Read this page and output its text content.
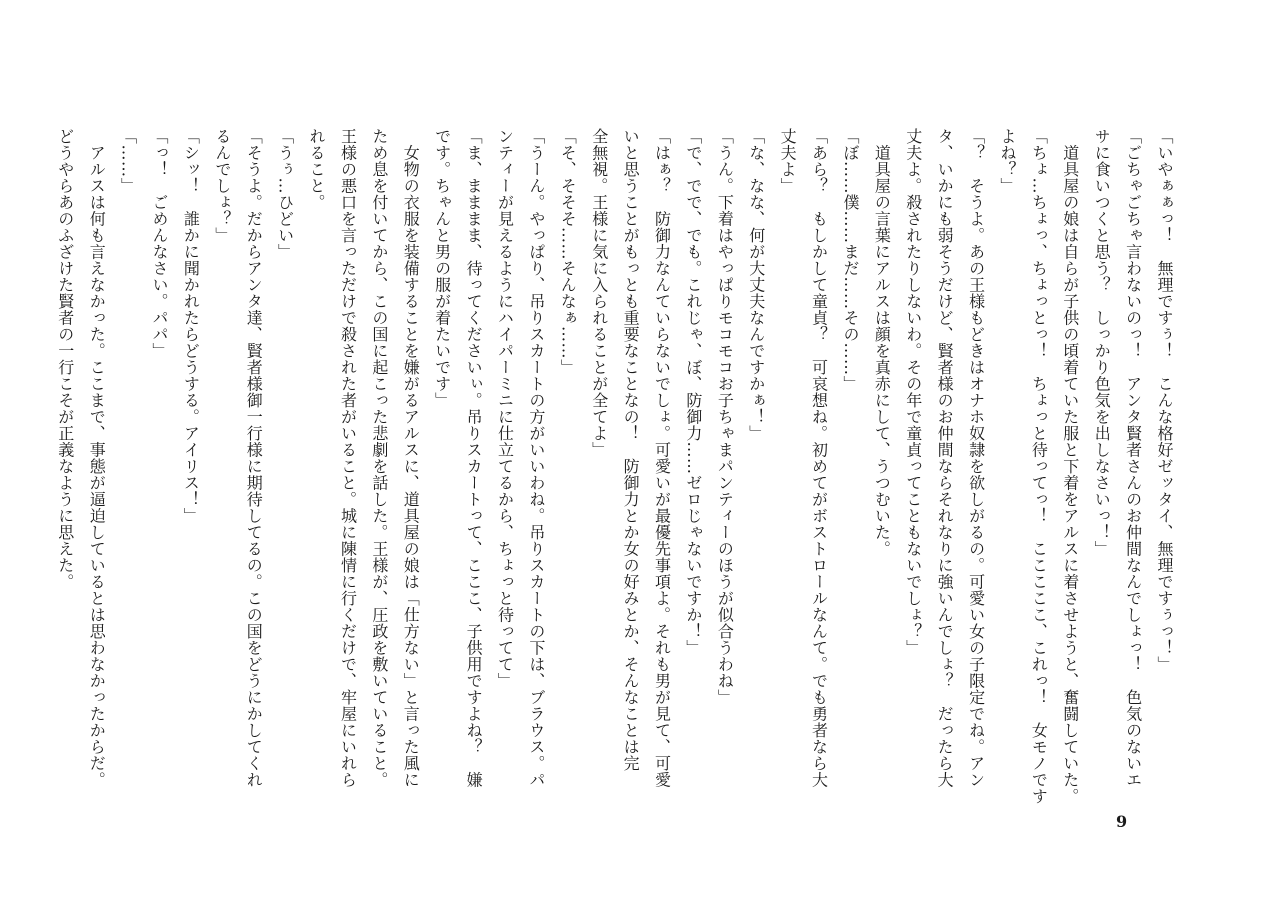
「いやぁぁっ！　無理ですぅ！　こんな格好ゼッタイ、無理ですぅっ！」
「ごちゃごちゃ言わないのっ！　アンタ賢者さんのお仲間なんでしょっ！　色気のないエ
サに食いつくと思う？　しっかり色気を出しなさいっ！」
　道具屋の娘は自らが子供の頃着ていた服と下着をアルスに着させようと、奮闘していた。
「ちょ…ちょっ、ちょっとっ！　ちょっと待ってっ！　こここここ、これっ！　女モノです
よね？」
「？　そうよ。あの王様もどきはオナホ奴隷を欲しがるの。可愛い女の子限定でね。アン
タ、いかにも弱そうだけど、賢者様のお仲間ならそれなりに強いんでしょ？　だったら大
丈夫よ。殺されたりしないわ。その年で童貞ってこともないでしょ？」
　道具屋の言葉にアルスは顔を真赤にして、うつむいた。
「ぼ……僕……まだ……その……」
「あら？　もしかして童貞？　可哀想ね。初めてがボストロールなんて。でも勇者なら大
丈夫よ」
「な、なな、何が大丈夫なんですかぁ！」
「うん。下着はやっぱりモコモコお子ちゃまパンティーのほうが似合うわね」
「で、でで、でも。これじゃ、ぼ、防御力……ゼロじゃないですか！」
「はぁ？　防御力なんていらないでしょ。可愛いが最優先事項よ。それも男が見て、可愛
いと思うことがもっとも重要なことなの！　防御力とか女の好みとか、そんなことは完
全無視。王様に気に入られることが全てよ」
「そ、そそそ……そんなぁ……」
「うーん。やっぱり、吊りスカートの方がいいわね。吊りスカートの下は、ブラウス。パ
ンティーが見えるようにハイパーミニに仕立てるから、ちょっと待ってて」
「ま、まままま、待ってくださいぃ。吊りスカートって、こここ、子供用ですよね？　嫌
です。ちゃんと男の服が着たいです」
　女物の衣服を装備することを嫌がるアルスに、道具屋の娘は「仕方ない」と言った風に
ため息を付いてから、この国に起こった悲劇を話した。王様が、圧政を敷いていること。
王様の悪口を言っただけで殺された者がいること。城に陳情に行くだけで、牢屋にいれら
れること。
「うぅ…ひどい」
「そうよ。だからアンタ達、賢者様御一行様に期待してるの。この国をどうにかしてくれ
るんでしょ？」
「シッ！　誰かに聞かれたらどうする。アイリス！」
「っ！　ごめんなさい。パパ」
「……」
　アルスは何も言えなかった。ここまで、事態が逼迫しているとは思わなかったからだ。
どうやらあのふざけた賢者の一行こそが正義なように思えた。
9
